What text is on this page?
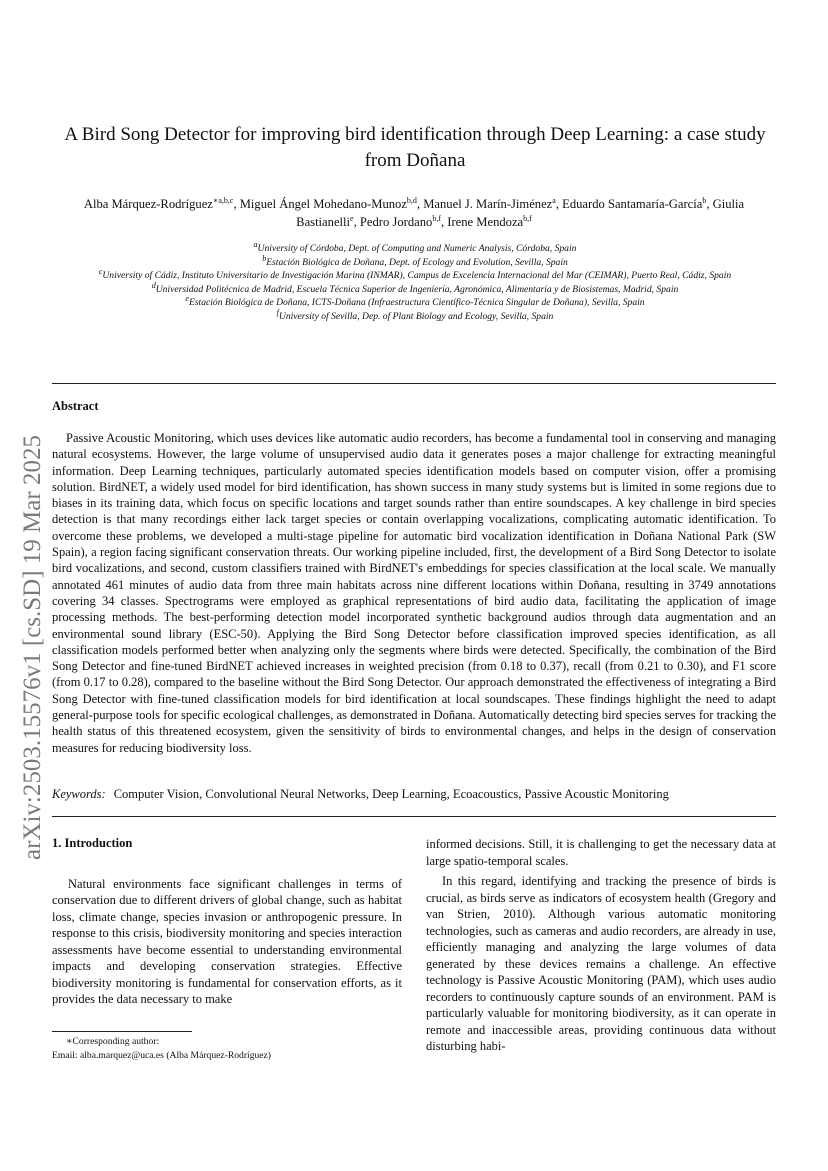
arXiv:2503.15576v1 [cs.SD] 19 Mar 2025
A Bird Song Detector for improving bird identification through Deep Learning: a case study from Doñana
Alba Márquez-Rodríguez$^{∗a,b,c}$, Miguel Ángel Mohedano-Munoz$^{b,d}$, Manuel J. Marín-Jiménez$^a$, Eduardo Santamaría-García$^b$, Giulia Bastianelli$^e$, Pedro Jordano$^{b,f}$, Irene Mendoza$^{b,f}$
$^a$University of Córdoba, Dept. of Computing and Numeric Analysis, Córdoba, Spain
$^b$Estación Biológica de Doñana, Dept. of Ecology and Evolution, Sevilla, Spain
$^c$University of Cádiz, Instituto Universitario de Investigación Marina (INMAR), Campus de Excelencia Internacional del Mar (CEIMAR), Puerto Real, Cádiz, Spain
$^d$Universidad Politécnica de Madrid, Escuela Técnica Superior de Ingeniería, Agronómica, Alimentaria y de Biosistemas, Madrid, Spain
$^e$Estación Biológica de Doñana, ICTS-Doñana (Infraestructura Científico-Técnica Singular de Doñana), Sevilla, Spain
$^f$University of Sevilla, Dep. of Plant Biology and Ecology, Sevilla, Spain
Abstract

Passive Acoustic Monitoring, which uses devices like automatic audio recorders, has become a fundamental tool in conserving and managing natural ecosystems. However, the large volume of unsupervised audio data it generates poses a major challenge for extracting meaningful information. Deep Learning techniques, particularly automated species identification models based on computer vision, offer a promising solution. BirdNET, a widely used model for bird identification, has shown success in many study systems but is limited in some regions due to biases in its training data, which focus on specific locations and target sounds rather than entire soundscapes. A key challenge in bird species detection is that many recordings either lack target species or contain overlapping vocalizations, complicating automatic identification. To overcome these problems, we developed a multi-stage pipeline for automatic bird vocalization identification in Doñana National Park (SW Spain), a region facing significant conservation threats. Our working pipeline included, first, the development of a Bird Song Detector to isolate bird vocalizations, and second, custom classifiers trained with BirdNET's embeddings for species classification at the local scale. We manually annotated 461 minutes of audio data from three main habitats across nine different locations within Doñana, resulting in 3749 annotations covering 34 classes. Spectrograms were employed as graphical representations of bird audio data, facilitating the application of image processing methods. The best-performing detection model incorporated synthetic background audios through data augmentation and an environmental sound library (ESC-50). Applying the Bird Song Detector before classification improved species identification, as all classification models performed better when analyzing only the segments where birds were detected. Specifically, the combination of the Bird Song Detector and fine-tuned BirdNET achieved increases in weighted precision (from 0.18 to 0.37), recall (from 0.21 to 0.30), and F1 score (from 0.17 to 0.28), compared to the baseline without the Bird Song Detector. Our approach demonstrated the effectiveness of integrating a Bird Song Detector with fine-tuned classification models for bird identification at local soundscapes. These findings highlight the need to adapt general-purpose tools for specific ecological challenges, as demonstrated in Doñana. Automatically detecting bird species serves for tracking the health status of this threatened ecosystem, given the sensitivity of birds to environmental changes, and helps in the design of conservation measures for reducing biodiversity loss.

Keywords: Computer Vision, Convolutional Neural Networks, Deep Learning, Ecoacoustics, Passive Acoustic Monitoring
1. Introduction

Natural environments face significant challenges in terms of conservation due to different drivers of global change, such as habitat loss, climate change, species invasion or anthropogenic pressure. In response to this crisis, biodiversity monitoring and species interaction assessments have become essential to understanding environmental impacts and developing conservation strategies. Effective biodiversity monitoring is fundamental for conservation efforts, as it provides the data necessary to make

informed decisions. Still, it is challenging to get the necessary data at large spatio-temporal scales.

In this regard, identifying and tracking the presence of birds is crucial, as birds serve as indicators of ecosystem health (Gregory and van Strien, 2010). Although various automatic monitoring technologies, such as cameras and audio recorders, are already in use, efficiently managing and analyzing the large volumes of data generated by these devices remains a challenge. An effective technology is Passive Acoustic Monitoring (PAM), which uses audio recorders to continuously capture sounds of an environment. PAM is particularly valuable for monitoring biodiversity, as it can operate in remote and inaccessible areas, providing continuous data without disturbing habi-

∗Corresponding author:
Email: alba.marquez@uca.es (Alba Márquez-Rodríguez)
